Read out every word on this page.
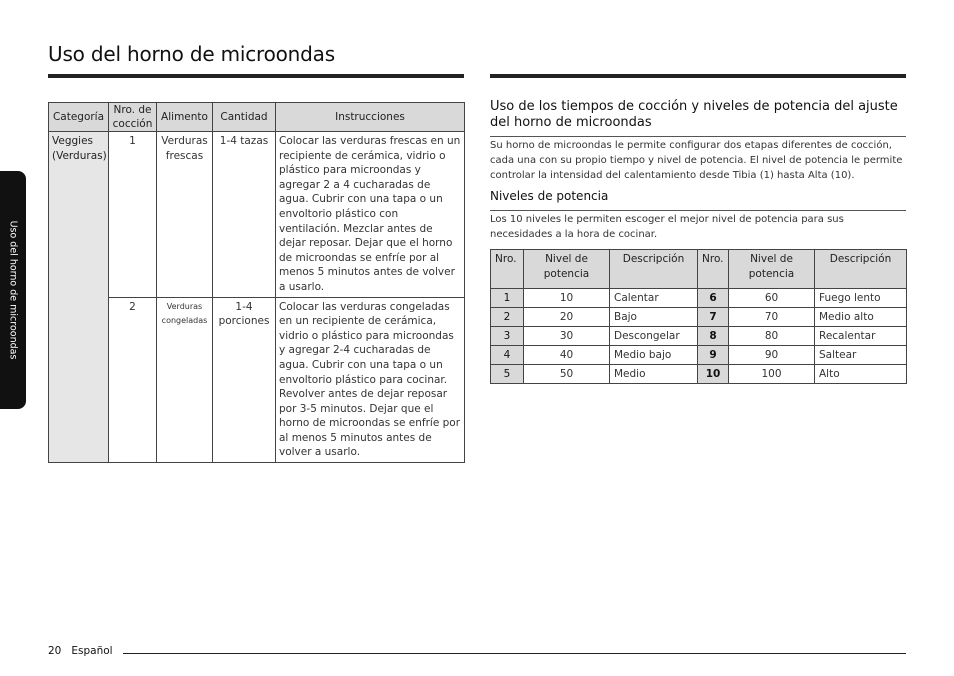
Uso del horno de microondas
Uso del horno de microondas
Categoría	Nro. de cocción	Alimento	Cantidad	Instrucciones
Veggies (Verduras)	1	Verduras frescas	1-4 tazas	Colocar las verduras frescas en un recipiente de cerámica, vidrio o plástico para microondas y agregar 2 a 4 cucharadas de agua. Cubrir con una tapa o un envoltorio plástico con ventilación. Mezclar antes de dejar reposar. Dejar que el horno de microondas se enfríe por al menos 5 minutos antes de volver a usarlo.
	2	Verduras congeladas	1-4 porciones	Colocar las verduras congeladas en un recipiente de cerámica, vidrio o plástico para microondas y agregar 2-4 cucharadas de agua. Cubrir con una tapa o un envoltorio plástico para cocinar. Revolver antes de dejar reposar por 3-5 minutos. Dejar que el horno de microondas se enfríe por al menos 5 minutos antes de volver a usarlo.
Uso de los tiempos de cocción y niveles de potencia del ajuste del horno de microondas
Su horno de microondas le permite configurar dos etapas diferentes de cocción, cada una con su propio tiempo y nivel de potencia. El nivel de potencia le permite controlar la intensidad del calentamiento desde Tibia (1) hasta Alta (10).
Niveles de potencia
Los 10 niveles le permiten escoger el mejor nivel de potencia para sus necesidades a la hora de cocinar.
Nro.	Nivel de potencia	Descripción	Nro.	Nivel de potencia	Descripción
1	10	Calentar	6	60	Fuego lento
2	20	Bajo	7	70	Medio alto
3	30	Descongelar	8	80	Recalentar
4	40	Medio bajo	9	90	Saltear
5	50	Medio	10	100	Alto
20 Español
